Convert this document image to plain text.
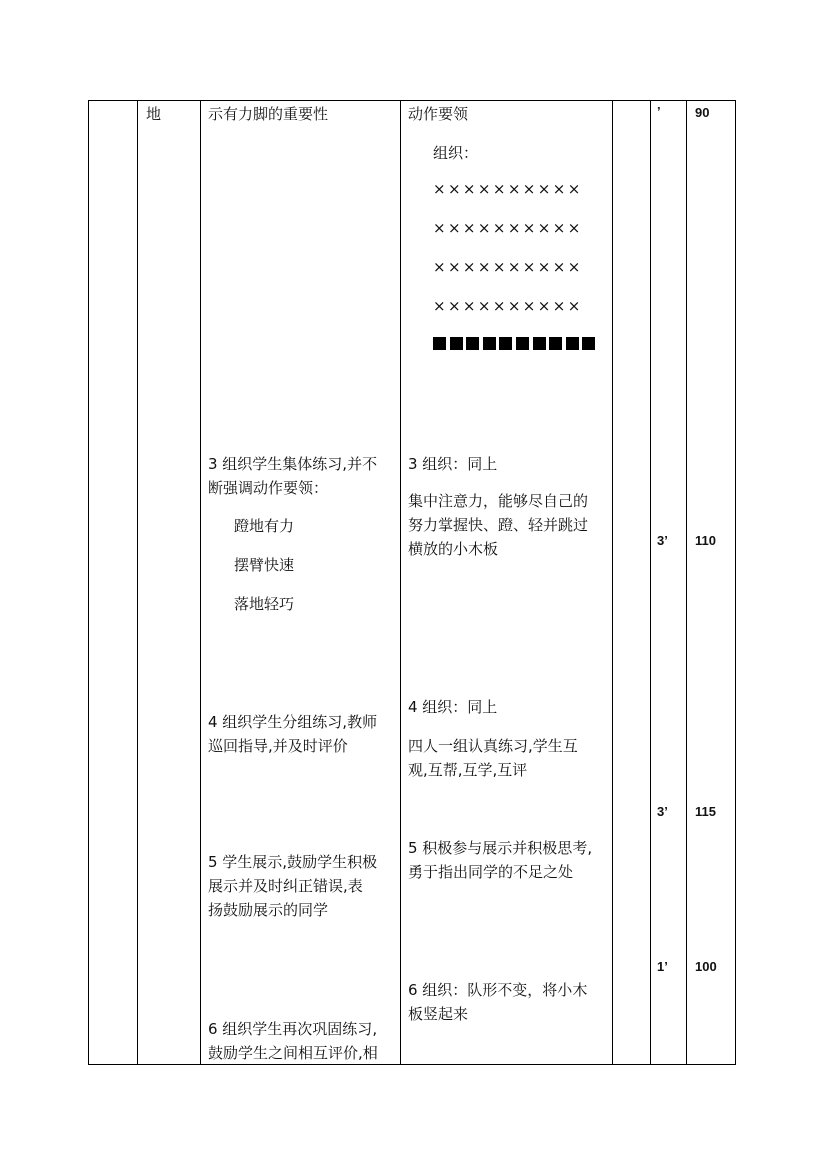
地	示有力脚的重要性
3 组织学生集体练习,并不
断强调动作要领：
蹬地有力
摆臂快速
落地轻巧
4 组织学生分组练习,教师
巡回指导,并及时评价
5 学生展示,鼓励学生积极
展示并及时纠正错误,表
扬鼓励展示的同学
6 组织学生再次巩固练习,
鼓励学生之间相互评价,相
动作要领
组织：
××××××××××
××××××××××
××××××××××
××××××××××
3 组织：同上
集中注意力，能够尽自己的
努力掌握快、蹬、轻并跳过
横放的小木板
4 组织：同上
四人一组认真练习,学生互
观,互帮,互学,互评
5 积极参与展示并积极思考,
勇于指出同学的不足之处
6 组织：队形不变，将小木
板竖起来
’
3’
3’
1’
90
110
115
100
